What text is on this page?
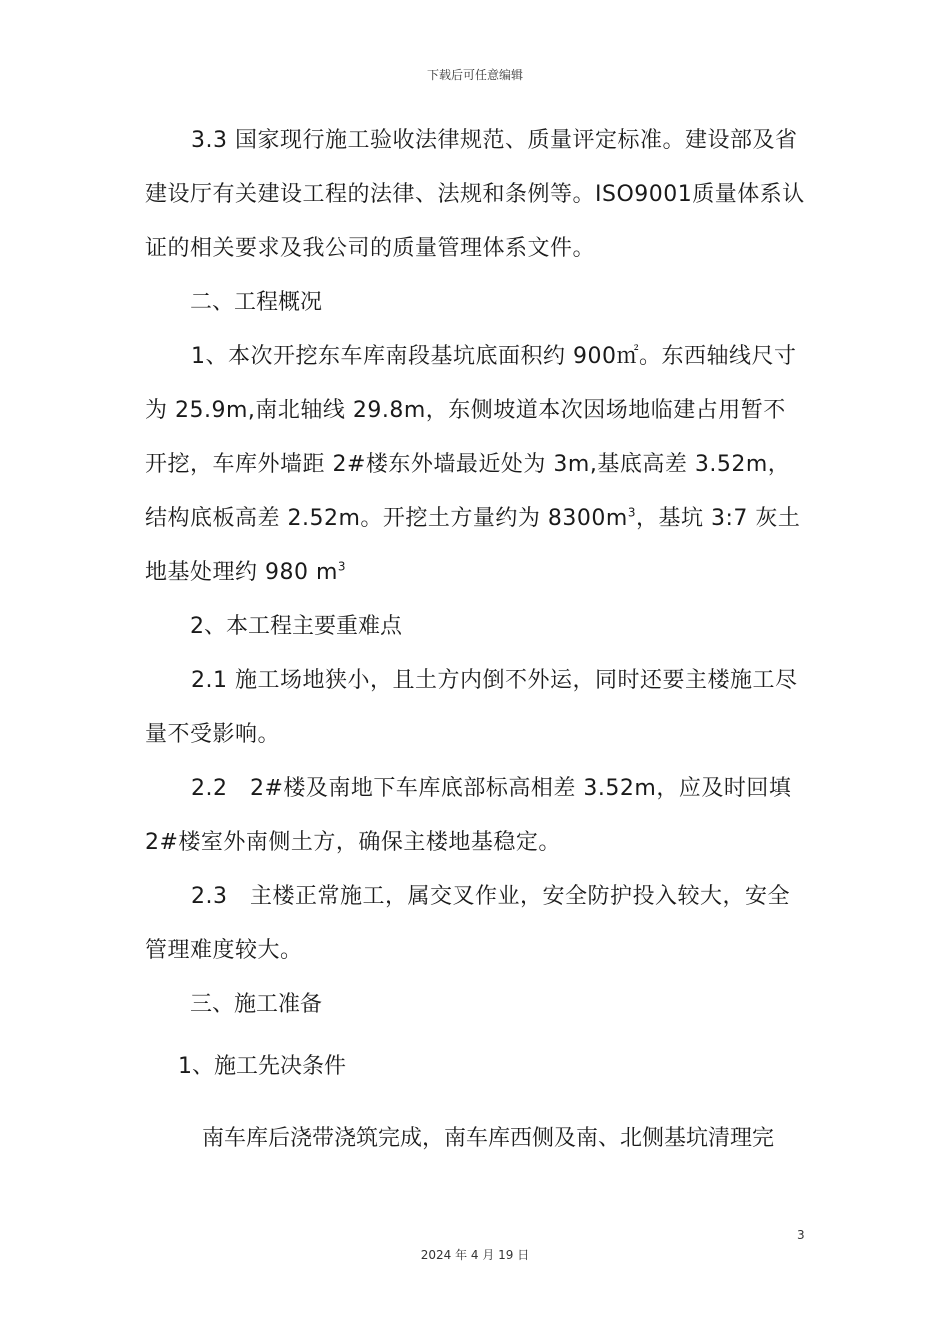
下载后可任意编辑

3.3 国家现行施工验收法律规范、质量评定标准。建设部及省建设厅有关建设工程的法律、法规和条例等。ISO9001质量体系认证的相关要求及我公司的质量管理体系文件。

二、工程概况

1、本次开挖东车库南段基坑底面积约 900㎡。东西轴线尺寸为 25.9m,南北轴线 29.8m，东侧坡道本次因场地临建占用暂不开挖，车库外墙距 2#楼东外墙最近处为 3m,基底高差 3.52m，结构底板高差 2.52m。开挖土方量约为 $8300m^3$，基坑 3:7 灰土地基处理约 980 $m^3$

2、本工程主要重难点

2.1 施工场地狭小，且土方内倒不外运，同时还要主楼施工尽量不受影响。

2.2　2#楼及南地下车库底部标高相差 3.52m，应及时回填 2#楼室外南侧土方，确保主楼地基稳定。

2.3　主楼正常施工，属交叉作业，安全防护投入较大，安全管理难度较大。

三、施工准备
1、施工先决条件
南车库后浇带浇筑完成，南车库西侧及南、北侧基坑清理完
3
2024 年 4 月 19 日
